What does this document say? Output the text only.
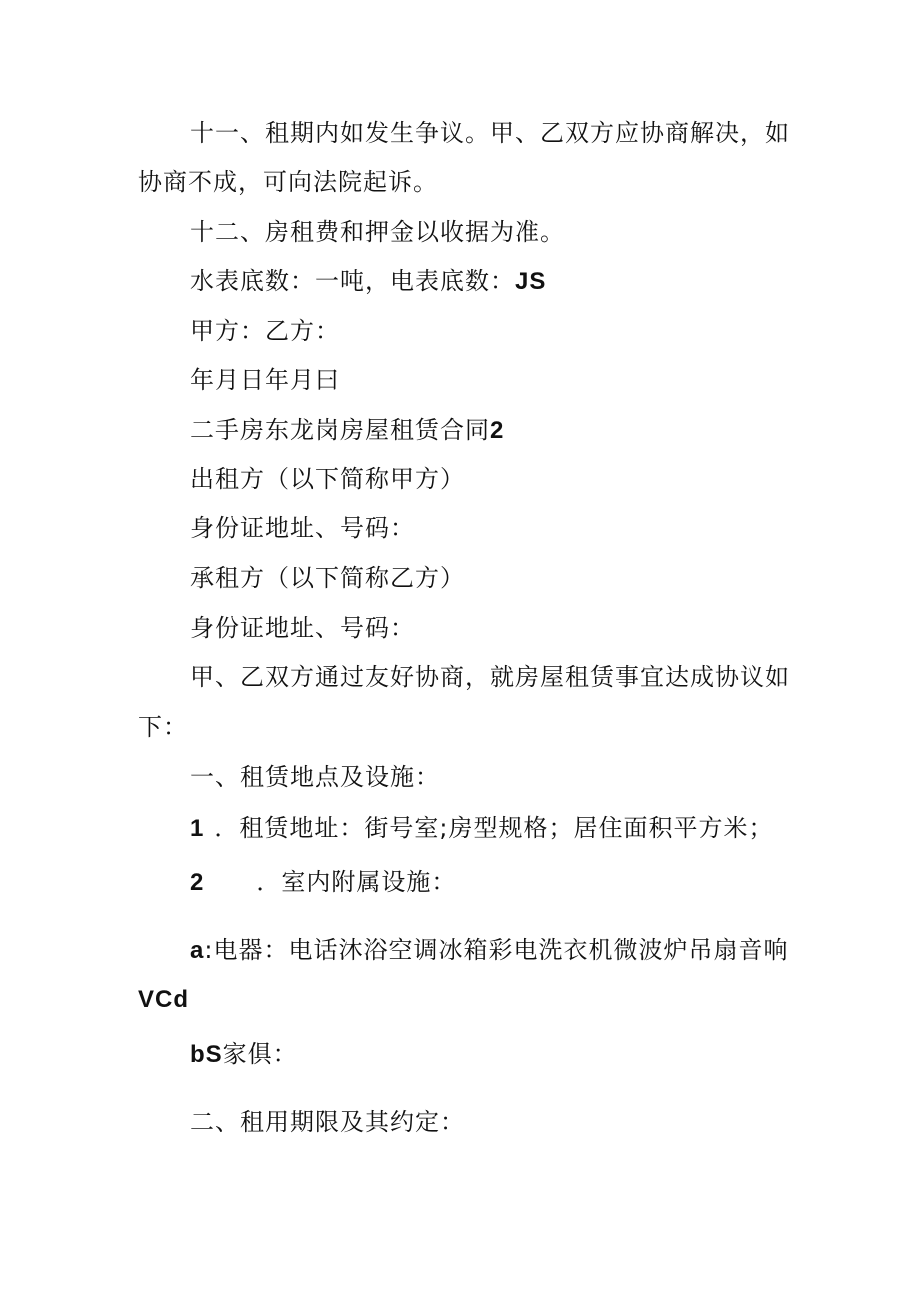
十一、租期内如发生争议。甲、乙双方应协商解决，如
协商不成，可向法院起诉。
十二、房租费和押金以收据为准。
水表底数：一吨，电表底数：JS
甲方：乙方：
年月日年月曰
二手房东龙岗房屋租赁合同2
出租方（以下简称甲方）
身份证地址、号码：
承租方（以下简称乙方）
身份证地址、号码：
甲、乙双方通过友好协商，就房屋租赁事宜达成协议如
下：
一、租赁地点及设施：
1 ．租赁地址：街号室;房型规格；居住面积平方米；
2 ．室内附属设施：
a:电器：电话沐浴空调冰箱彩电洗衣机微波炉吊扇音响
VCd
bS家俱：
二、租用期限及其约定：
